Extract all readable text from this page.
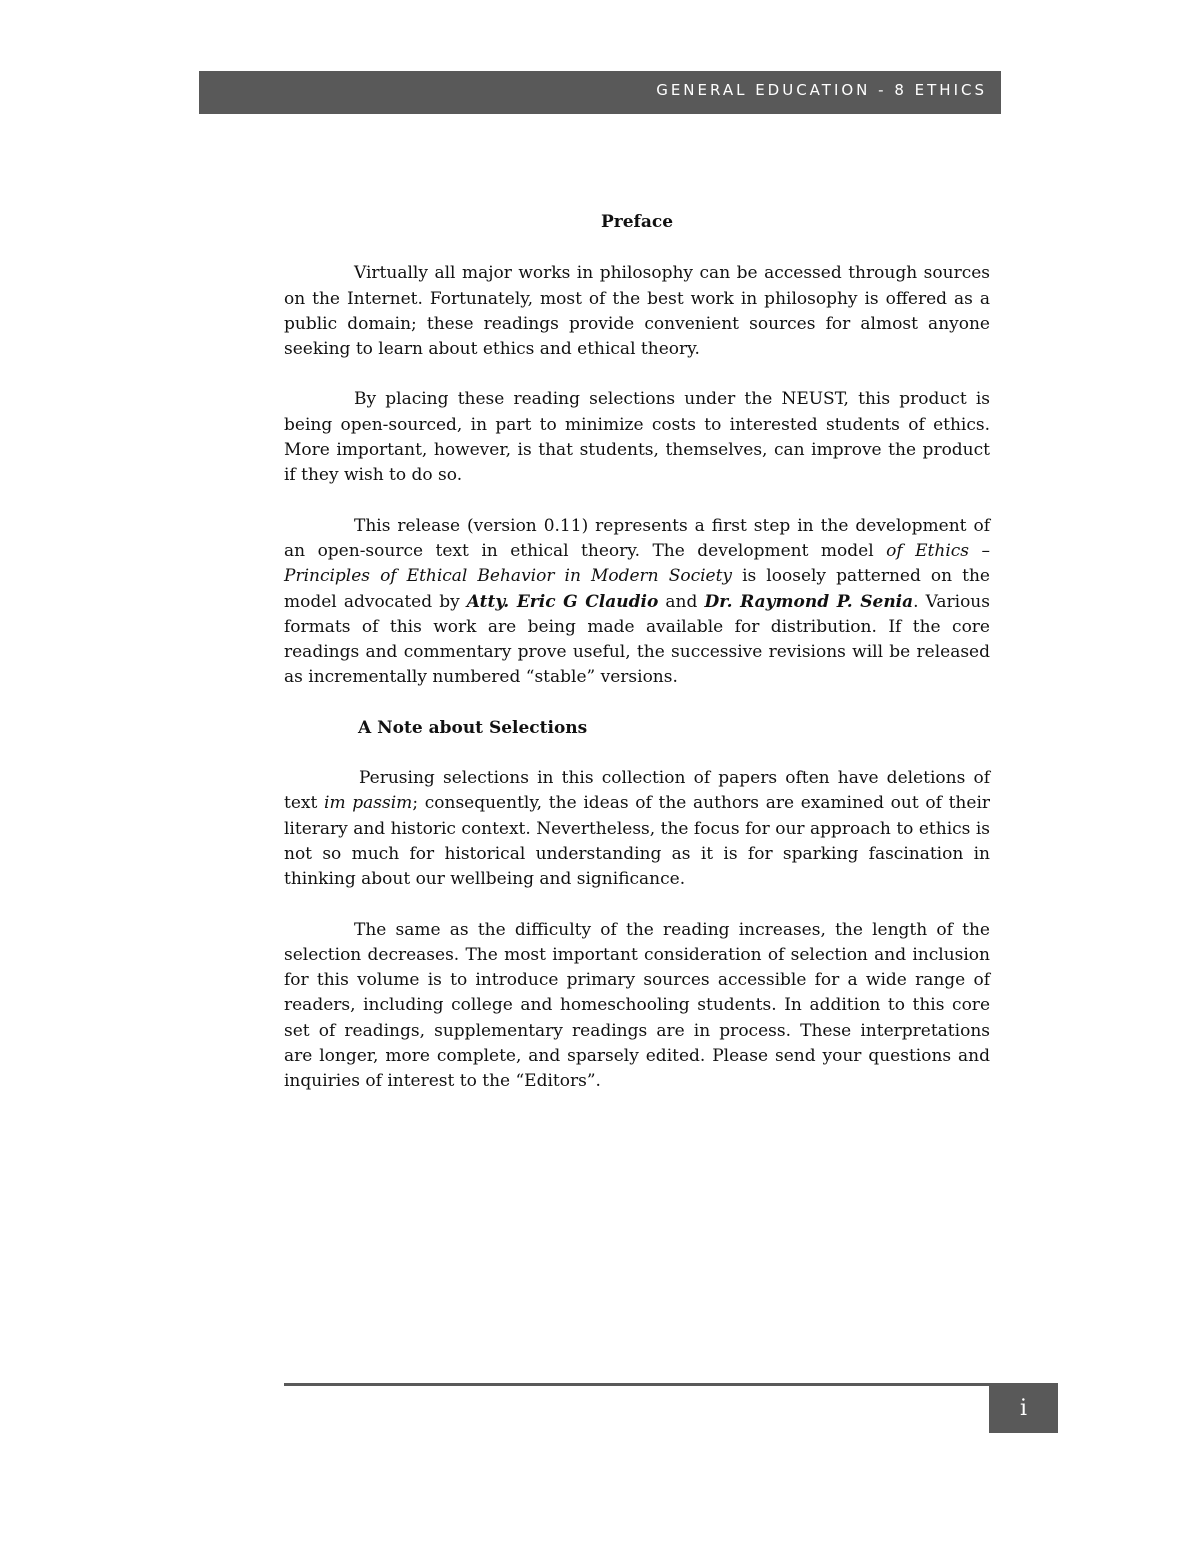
GENERAL EDUCATION - 8 ETHICS
Preface

Virtually all major works in philosophy can be accessed through sources on the Internet. Fortunately, most of the best work in philosophy is offered as a public domain; these readings provide convenient sources for almost anyone seeking to learn about ethics and ethical theory.

By placing these reading selections under the NEUST, this product is being open-sourced, in part to minimize costs to interested students of ethics. More important, however, is that students, themselves, can improve the product if they wish to do so.

This release (version 0.11) represents a first step in the development of an open-source text in ethical theory. The development model of Ethics – Principles of Ethical Behavior in Modern Society is loosely patterned on the model advocated by Atty. Eric G Claudio and Dr. Raymond P. Senia. Various formats of this work are being made available for distribution. If the core readings and commentary prove useful, the successive revisions will be released as incrementally numbered “stable” versions.

A Note about Selections

Perusing selections in this collection of papers often have deletions of text im passim; consequently, the ideas of the authors are examined out of their literary and historic context. Nevertheless, the focus for our approach to ethics is not so much for historical understanding as it is for sparking fascination in thinking about our wellbeing and significance.

The same as the difficulty of the reading increases, the length of the selection decreases. The most important consideration of selection and inclusion for this volume is to introduce primary sources accessible for a wide range of readers, including college and homeschooling students. In addition to this core set of readings, supplementary readings are in process. These interpretations are longer, more complete, and sparsely edited. Please send your questions and inquiries of interest to the “Editors”.

i
